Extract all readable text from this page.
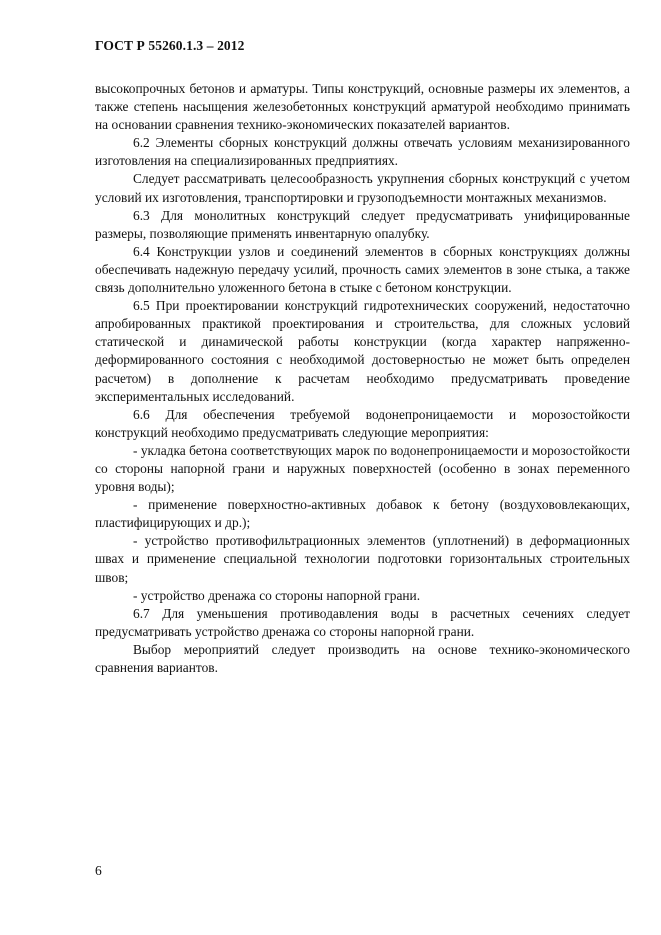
ГОСТ Р 55260.1.3 – 2012

высокопрочных бетонов и арматуры. Типы конструкций, основные размеры их элементов, а также степень насыщения железобетонных конструкций арматурой необходимо принимать на основании сравнения технико-экономических показателей вариантов.

6.2 Элементы сборных конструкций должны отвечать условиям механизированного изготовления на специализированных предприятиях.

Следует рассматривать целесообразность укрупнения сборных конструкций с учетом условий их изготовления, транспортировки и грузоподъемности монтажных механизмов.

6.3 Для монолитных конструкций следует предусматривать унифицированные размеры, позволяющие применять инвентарную опалубку.

6.4 Конструкции узлов и соединений элементов в сборных конструкциях должны обеспечивать надежную передачу усилий, прочность самих элементов в зоне стыка, а также связь дополнительно уложенного бетона в стыке с бетоном конструкции.

6.5 При проектировании конструкций гидротехнических сооружений, недостаточно апробированных практикой проектирования и строительства, для сложных условий статической и динамической работы конструкции (когда характер напряженно-деформированного состояния с необходимой достоверностью не может быть определен расчетом) в дополнение к расчетам необходимо предусматривать проведение экспериментальных исследований.

6.6 Для обеспечения требуемой водонепроницаемости и морозостойкости конструкций необходимо предусматривать следующие мероприятия:

- укладка бетона соответствующих марок по водонепроницаемости и морозостойкости со стороны напорной грани и наружных поверхностей (особенно в зонах переменного уровня воды);

- применение поверхностно-активных добавок к бетону (воздухововлекающих, пластифицирующих и др.);

- устройство противофильтрационных элементов (уплотнений) в деформационных швах и применение специальной технологии подготовки горизонтальных строительных швов;

- устройство дренажа со стороны напорной грани.

6.7 Для уменьшения противодавления воды в расчетных сечениях следует предусматривать устройство дренажа со стороны напорной грани.

Выбор мероприятий следует производить на основе технико-экономического сравнения вариантов.

6
